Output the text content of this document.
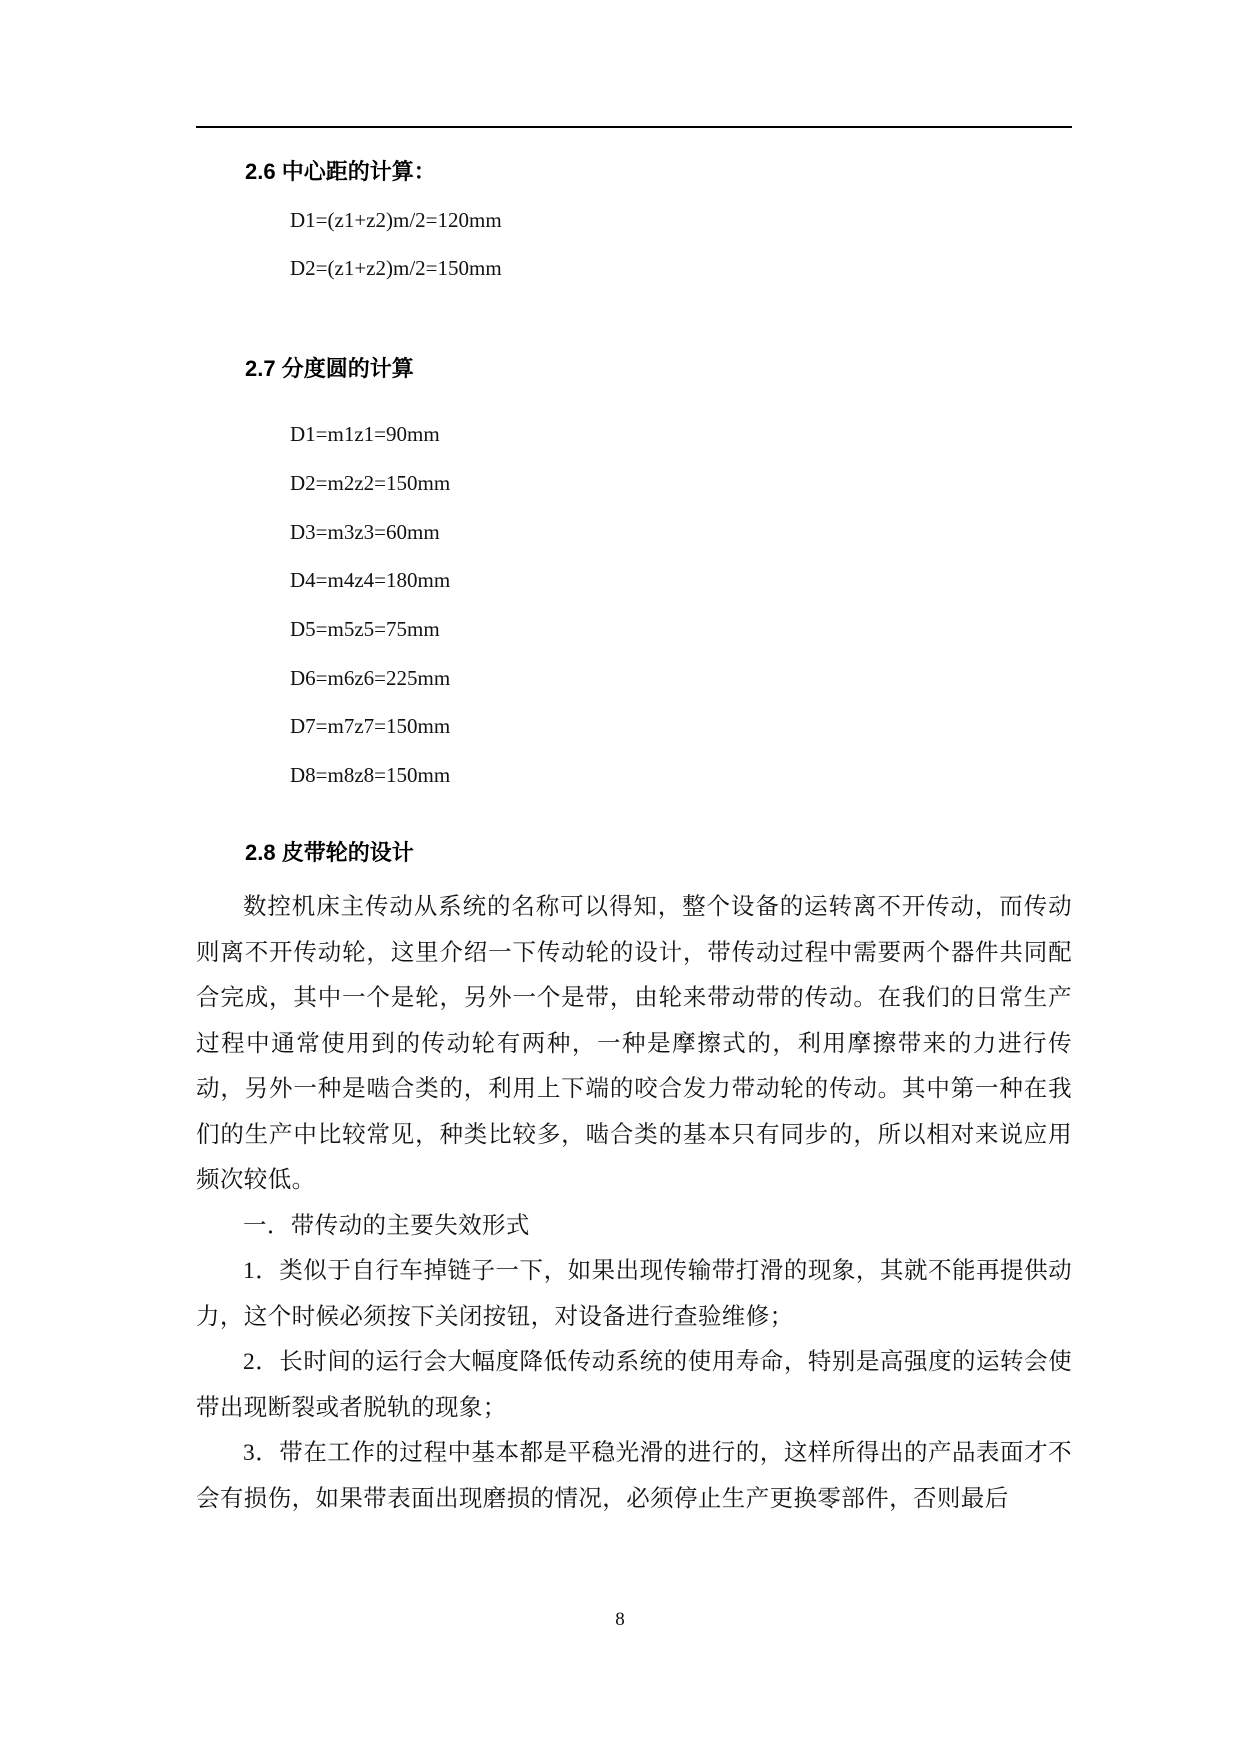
2.6 中心距的计算：
D1=(z1+z2)m/2=120mm
D2=(z1+z2)m/2=150mm
2.7 分度圆的计算
D1=m1z1=90mm
D2=m2z2=150mm
D3=m3z3=60mm
D4=m4z4=180mm
D5=m5z5=75mm
D6=m6z6=225mm
D7=m7z7=150mm
D8=m8z8=150mm
2.8 皮带轮的设计

数控机床主传动从系统的名称可以得知，整个设备的运转离不开传动，而传动则离不开传动轮，这里介绍一下传动轮的设计，带传动过程中需要两个器件共同配合完成，其中一个是轮，另外一个是带，由轮来带动带的传动。在我们的日常生产过程中通常使用到的传动轮有两种，一种是摩擦式的，利用摩擦带来的力进行传动，另外一种是啮合类的，利用上下端的咬合发力带动轮的传动。其中第一种在我们的生产中比较常见，种类比较多，啮合类的基本只有同步的，所以相对来说应用频次较低。

一．带传动的主要失效形式

1．类似于自行车掉链子一下，如果出现传输带打滑的现象，其就不能再提供动力，这个时候必须按下关闭按钮，对设备进行查验维修；

2．长时间的运行会大幅度降低传动系统的使用寿命，特别是高强度的运转会使带出现断裂或者脱轨的现象；

3．带在工作的过程中基本都是平稳光滑的进行的，这样所得出的产品表面才不会有损伤，如果带表面出现磨损的情况，必须停止生产更换零部件，否则最后

8
